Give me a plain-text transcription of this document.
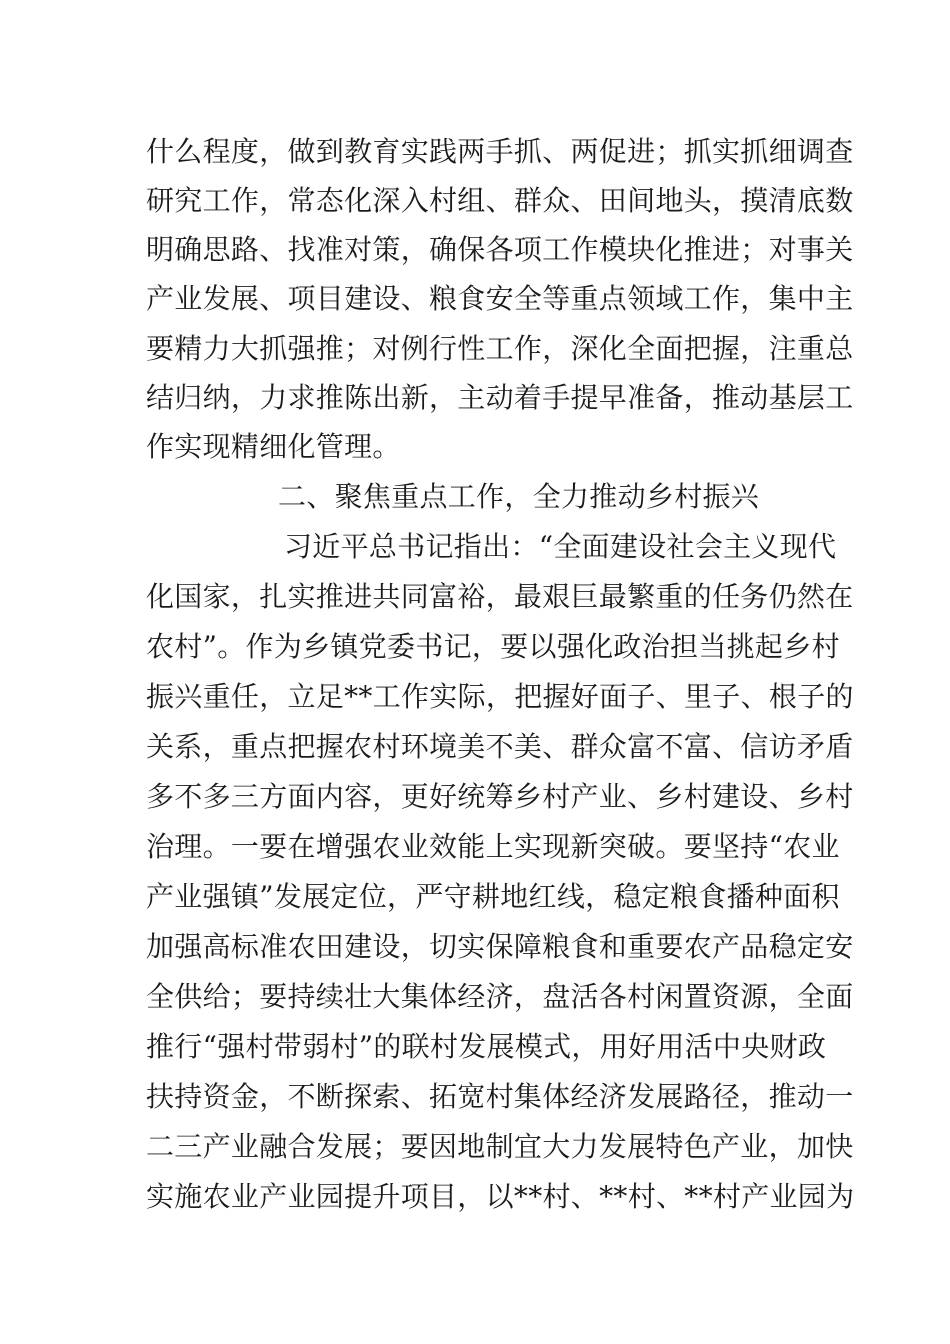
什么程度，做到教育实践两手抓、两促进；抓实抓细调查
研究工作，常态化深入村组、群众、田间地头，摸清底数
明确思路、找准对策，确保各项工作模块化推进；对事关
产业发展、项目建设、粮食安全等重点领域工作，集中主
要精力大抓强推；对例行性工作，深化全面把握，注重总
结归纳，力求推陈出新，主动着手提早准备，推动基层工
作实现精细化管理。
二、聚焦重点工作，全力推动乡村振兴
习近平总书记指出：“全面建设社会主义现代
化国家，扎实推进共同富裕，最艰巨最繁重的任务仍然在
农村”。作为乡镇党委书记，要以强化政治担当挑起乡村
振兴重任，立足**工作实际，把握好面子、里子、根子的
关系，重点把握农村环境美不美、群众富不富、信访矛盾
多不多三方面内容，更好统筹乡村产业、乡村建设、乡村
治理。一要在增强农业效能上实现新突破。要坚持“农业
产业强镇”发展定位，严守耕地红线，稳定粮食播种面积
加强高标准农田建设，切实保障粮食和重要农产品稳定安
全供给；要持续壮大集体经济，盘活各村闲置资源，全面
推行“强村带弱村”的联村发展模式，用好用活中央财政
扶持资金，不断探索、拓宽村集体经济发展路径，推动一
二三产业融合发展；要因地制宜大力发展特色产业，加快
实施农业产业园提升项目，以**村、**村、**村产业园为
